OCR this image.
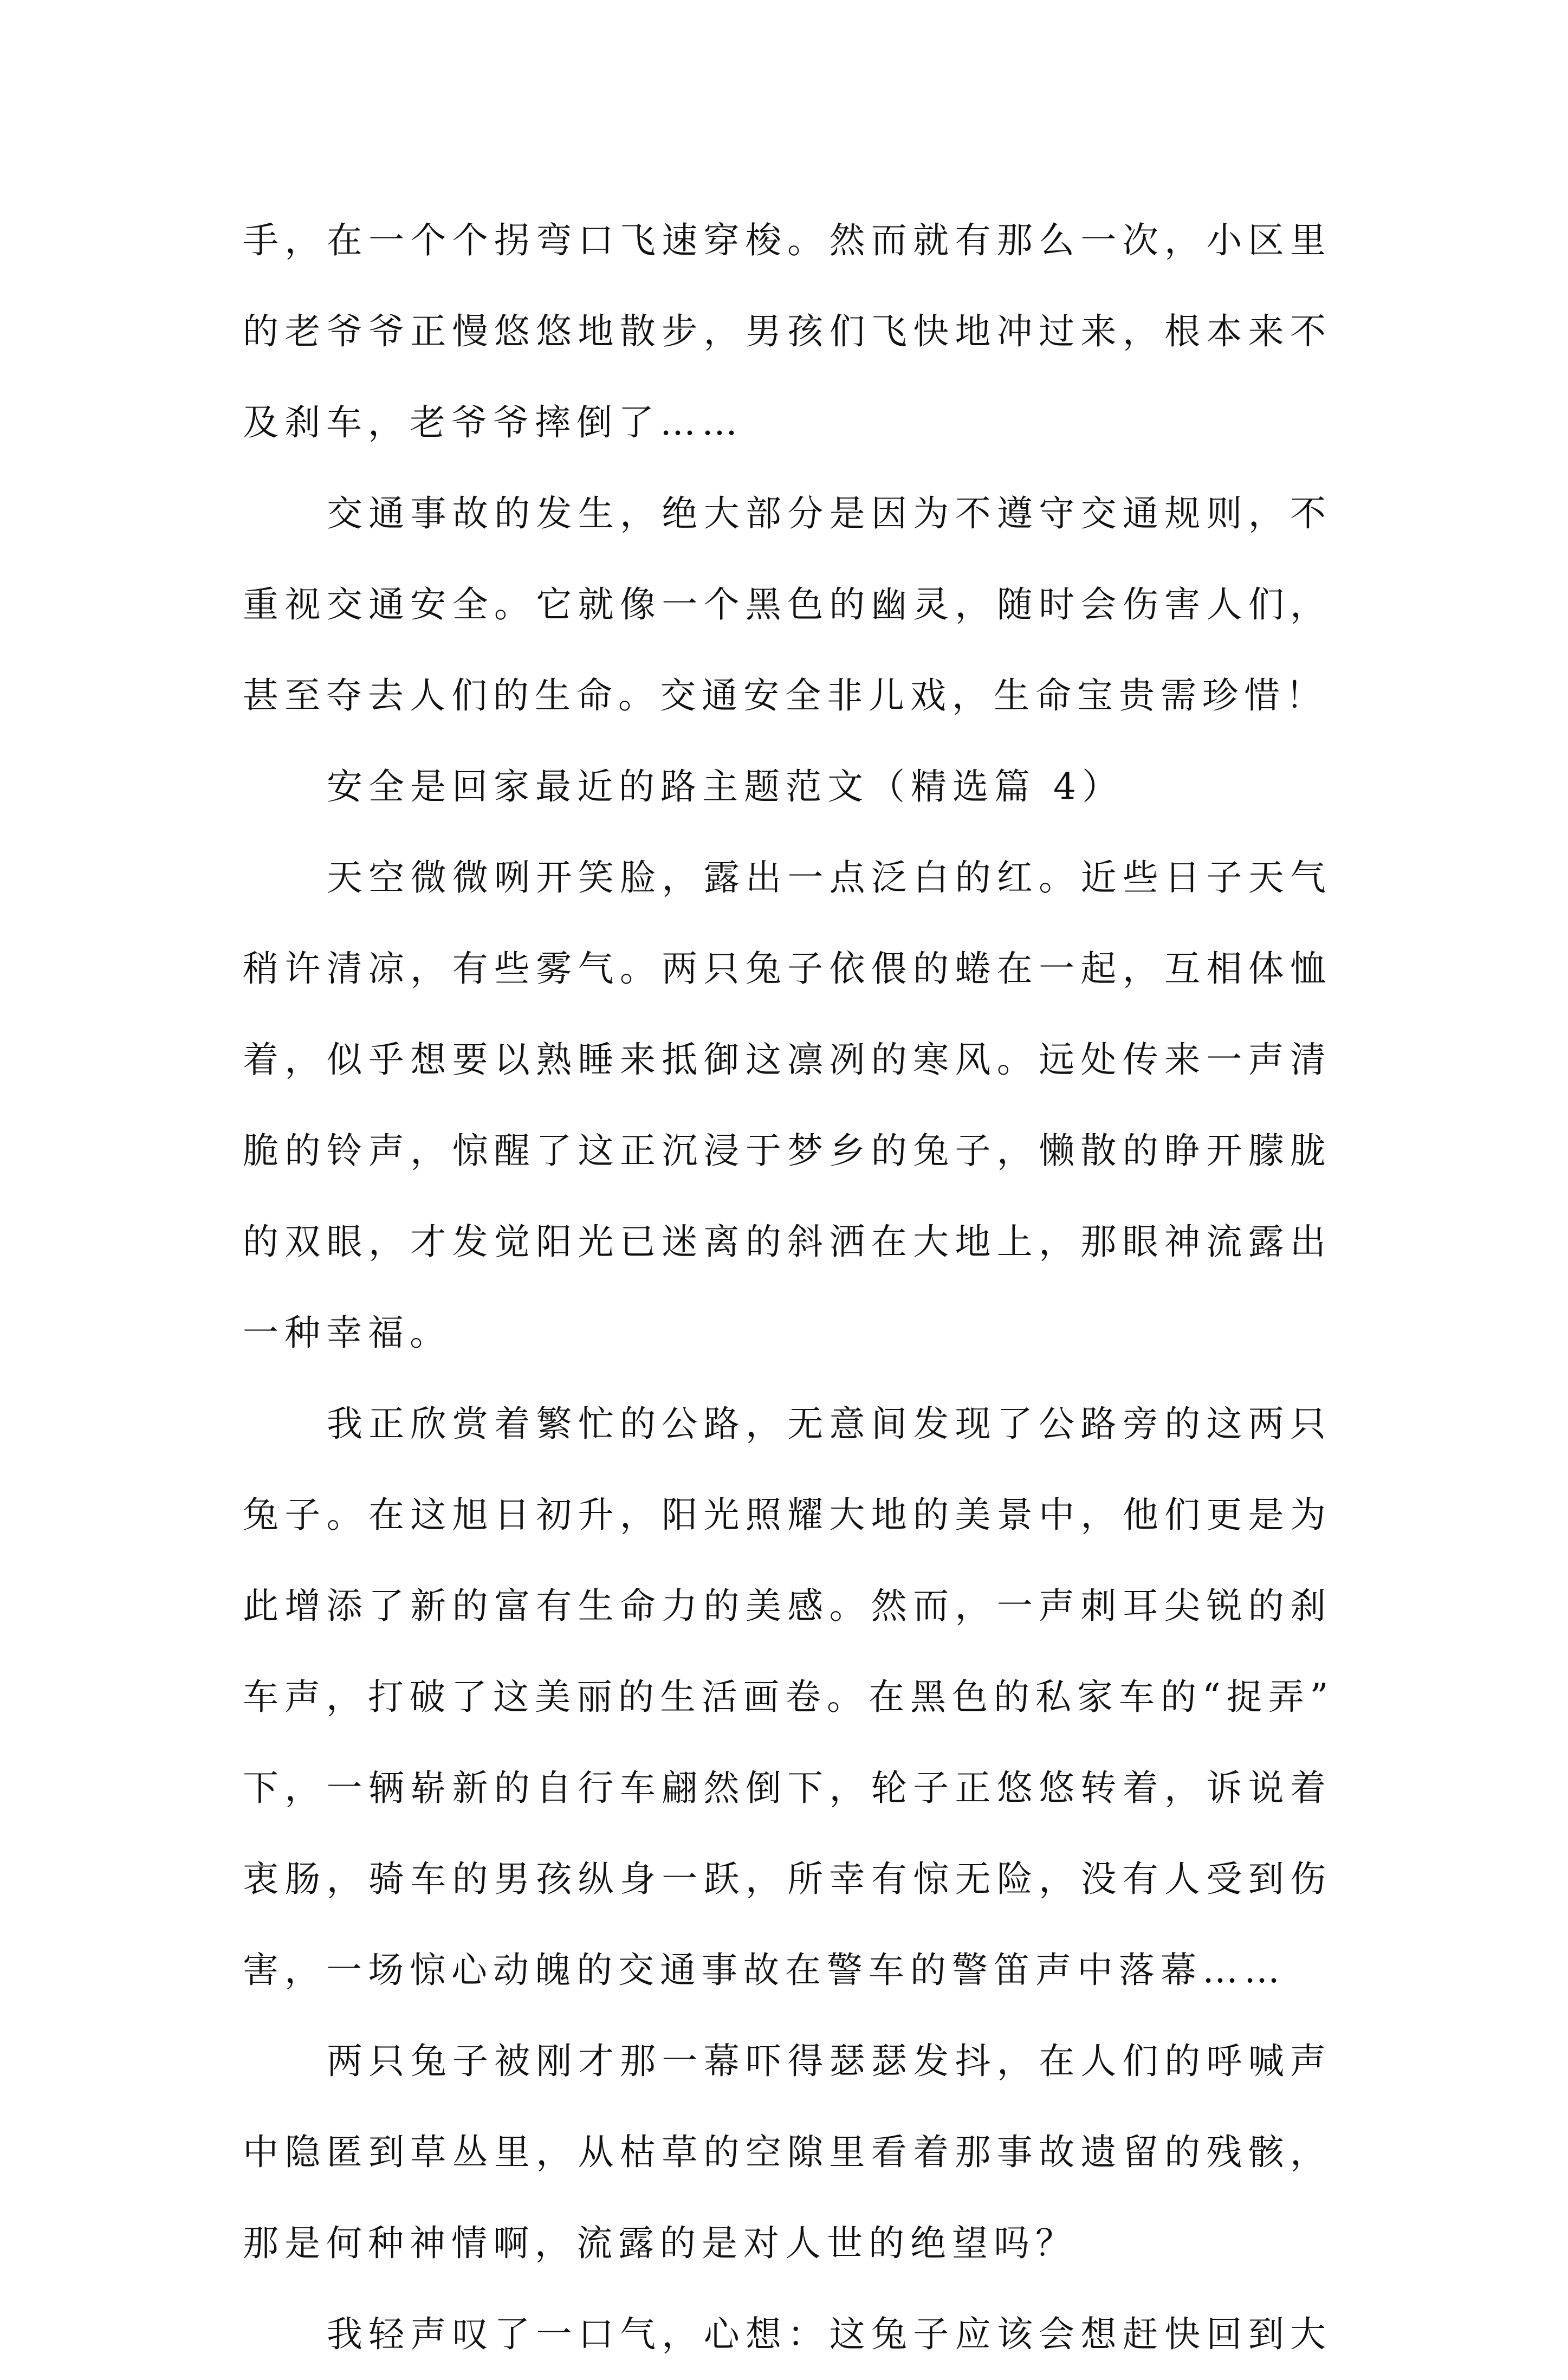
手，在一个个拐弯口飞速穿梭。然而就有那么一次，小区里
的老爷爷正慢悠悠地散步，男孩们飞快地冲过来，根本来不
及刹车，老爷爷摔倒了……
交通事故的发生，绝大部分是因为不遵守交通规则，不
重视交通安全。它就像一个黑色的幽灵，随时会伤害人们，
甚至夺去人们的生命。交通安全非儿戏，生命宝贵需珍惜！
安全是回家最近的路主题范文（精选篇 4）
天空微微咧开笑脸，露出一点泛白的红。近些日子天气
稍许清凉，有些雾气。两只兔子依偎的蜷在一起，互相体恤
着，似乎想要以熟睡来抵御这凛冽的寒风。远处传来一声清
脆的铃声，惊醒了这正沉浸于梦乡的兔子，懒散的睁开朦胧
的双眼，才发觉阳光已迷离的斜洒在大地上，那眼神流露出
一种幸福。
我正欣赏着繁忙的公路，无意间发现了公路旁的这两只
兔子。在这旭日初升，阳光照耀大地的美景中，他们更是为
此增添了新的富有生命力的美感。然而，一声刺耳尖锐的刹
车声，打破了这美丽的生活画卷。在黑色的私家车的“捉弄”
下，一辆崭新的自行车翩然倒下，轮子正悠悠转着，诉说着
衷肠，骑车的男孩纵身一跃，所幸有惊无险，没有人受到伤
害，一场惊心动魄的交通事故在警车的警笛声中落幕……
两只兔子被刚才那一幕吓得瑟瑟发抖，在人们的呼喊声
中隐匿到草丛里，从枯草的空隙里看着那事故遗留的残骸，
那是何种神情啊，流露的是对人世的绝望吗？
我轻声叹了一口气，心想：这兔子应该会想赶快回到大
